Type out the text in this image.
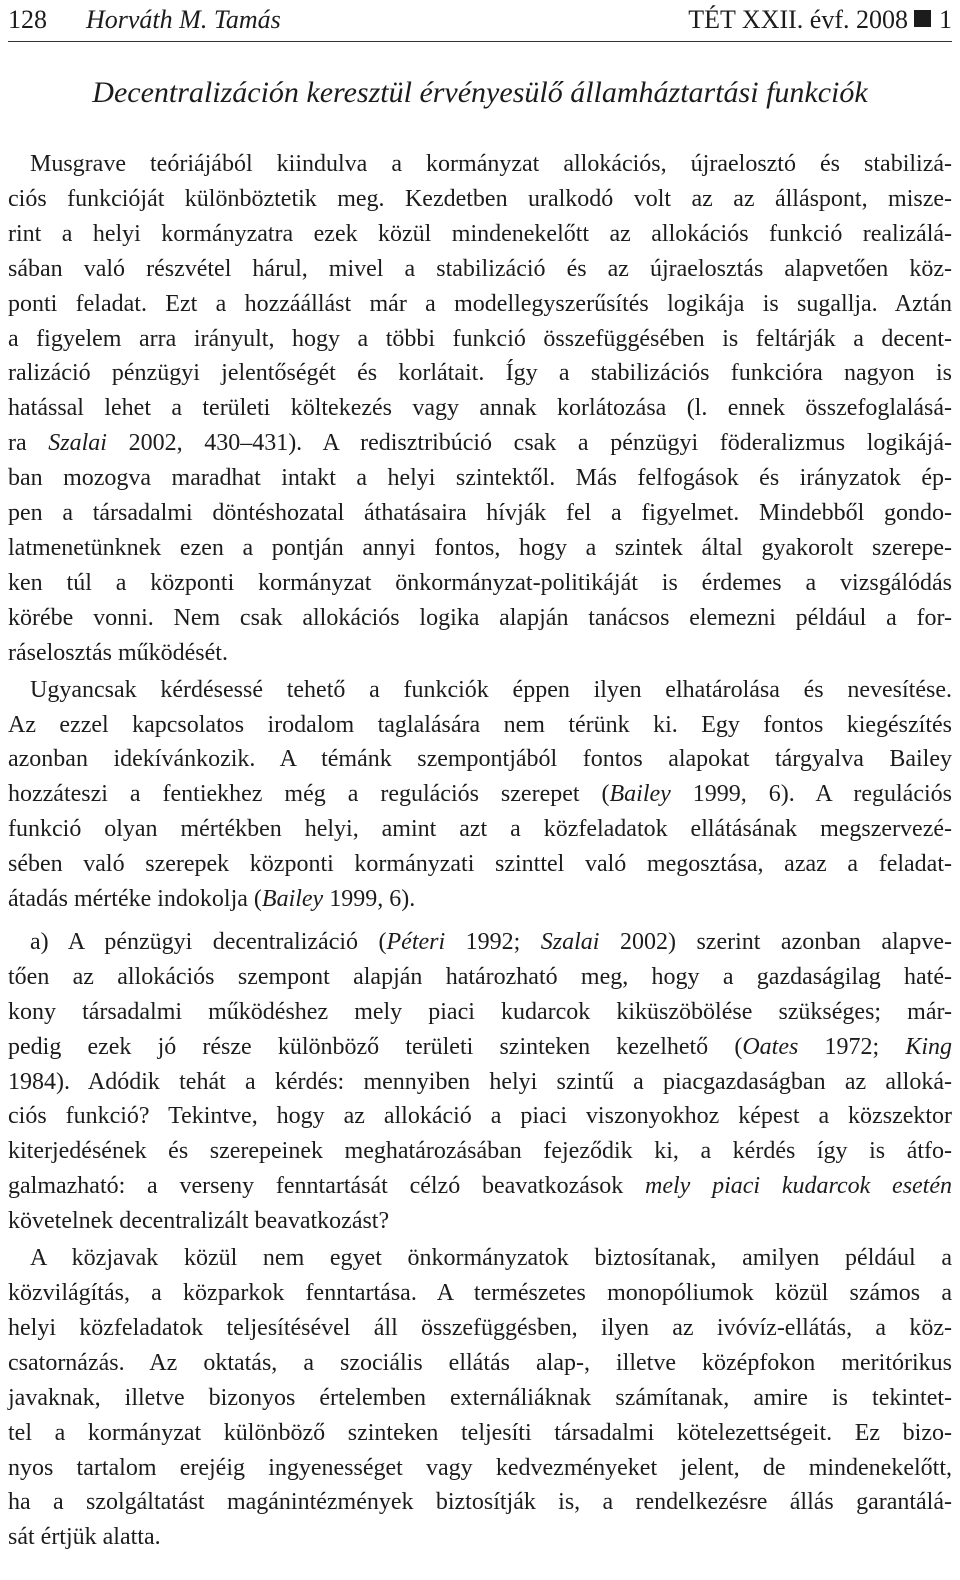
128 Horváth M. Tamás	TÉT XXII. évf. 2008 1
Decentralizáción keresztül érvényesülő államháztartási funkciók

Musgrave teóriájából kiindulva a kormányzat allokációs, újraelosztó és stabilizá-
ciós funkcióját különböztetik meg. Kezdetben uralkodó volt az az álláspont, misze-
rint a helyi kormányzatra ezek közül mindenekelőtt az allokációs funkció realizálá-
sában való részvétel hárul, mivel a stabilizáció és az újraelosztás alapvetően köz-
ponti feladat. Ezt a hozzáállást már a modellegyszerűsítés logikája is sugallja. Aztán
a figyelem arra irányult, hogy a többi funkció összefüggésében is feltárják a decent-
ralizáció pénzügyi jelentőségét és korlátait. Így a stabilizációs funkcióra nagyon is
hatással lehet a területi költekezés vagy annak korlátozása (l. ennek összefoglalásá-
ra Szalai 2002, 430–431). A redisztribúció csak a pénzügyi föderalizmus logikájá-
ban mozogva maradhat intakt a helyi szintektől. Más felfogások és irányzatok ép-
pen a társadalmi döntéshozatal áthatásaira hívják fel a figyelmet. Mindebből gondo-
latmenetünknek ezen a pontján annyi fontos, hogy a szintek által gyakorolt szerepe-
ken túl a központi kormányzat önkormányzat-politikáját is érdemes a vizsgálódás
körébe vonni. Nem csak allokációs logika alapján tanácsos elemezni például a for-
ráselosztás működését.

Ugyancsak kérdésessé tehető a funkciók éppen ilyen elhatárolása és nevesítése.
Az ezzel kapcsolatos irodalom taglalására nem térünk ki. Egy fontos kiegészítés
azonban idekívánkozik. A témánk szempontjából fontos alapokat tárgyalva Bailey
hozzáteszi a fentiekhez még a regulációs szerepet (Bailey 1999, 6). A regulációs
funkció olyan mértékben helyi, amint azt a közfeladatok ellátásának megszervezé-
sében való szerepek központi kormányzati szinttel való megosztása, azaz a feladat-
átadás mértéke indokolja (Bailey 1999, 6).

a) A pénzügyi decentralizáció (Péteri 1992; Szalai 2002) szerint azonban alapve-
tően az allokációs szempont alapján határozható meg, hogy a gazdaságilag haté-
kony társadalmi működéshez mely piaci kudarcok kiküszöbölése szükséges; már-
pedig ezek jó része különböző területi szinteken kezelhető (Oates 1972; King
1984). Adódik tehát a kérdés: mennyiben helyi szintű a piacgazdaságban az alloká-
ciós funkció? Tekintve, hogy az allokáció a piaci viszonyokhoz képest a közszektor
kiterjedésének és szerepeinek meghatározásában fejeződik ki, a kérdés így is átfo-
galmazható: a verseny fenntartását célzó beavatkozások mely piaci kudarcok esetén
követelnek decentralizált beavatkozást?

A közjavak közül nem egyet önkormányzatok biztosítanak, amilyen például a
közvilágítás, a közparkok fenntartása. A természetes monopóliumok közül számos a
helyi közfeladatok teljesítésével áll összefüggésben, ilyen az ivóvíz-ellátás, a köz-
csatornázás. Az oktatás, a szociális ellátás alap-, illetve középfokon meritórikus
javaknak, illetve bizonyos értelemben externáliáknak számítanak, amire is tekintet-
tel a kormányzat különböző szinteken teljesíti társadalmi kötelezettségeit. Ez bizo-
nyos tartalom erejéig ingyenességet vagy kedvezményeket jelent, de mindenekelőtt,
ha a szolgáltatást magánintézmények biztosítják is, a rendelkezésre állás garantálá-
sát értjük alatta.
